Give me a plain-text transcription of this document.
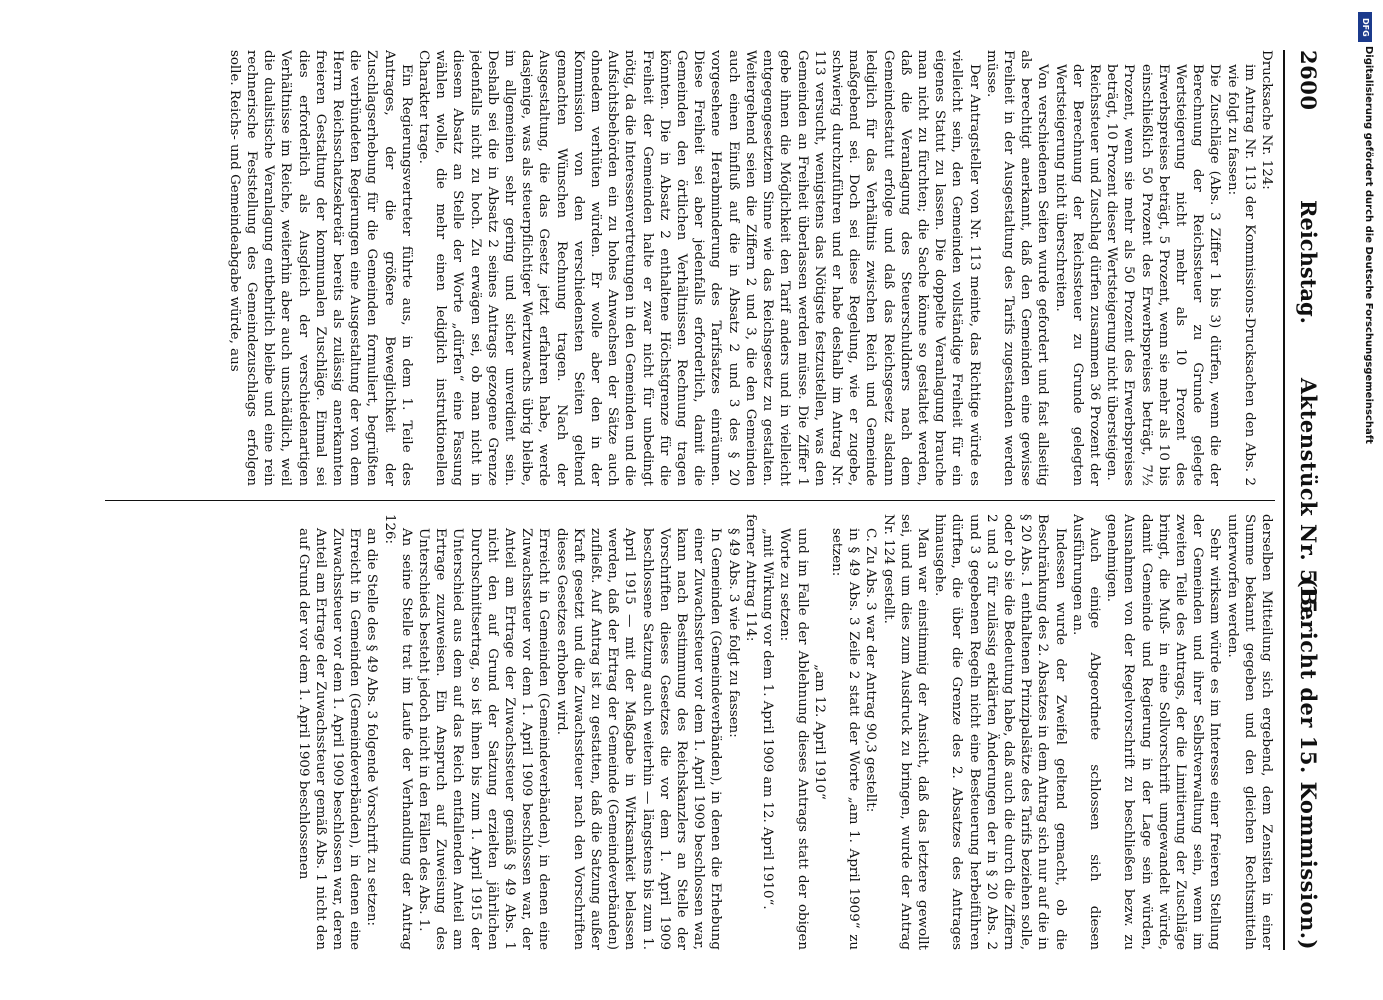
Aktenstück Nr. 515.
2600
(Bericht der 15. Kommission.)
Reichstag.

Drucksache Nr. 124:

im Antrag Nr. 113 der Kommissions-Drucksachen den Abs. 2 wie folgt zu fassen:

Die Zuschläge (Abs. 3 Ziffer 1 bis 3) dürfen, wenn die der Berechnung der Reichssteuer zu Grunde gelegte Wertsteigerung nicht mehr als 10 Prozent des Erwerbspreises beträgt, 5 Prozent, wenn sie mehr als 10 bis einschließlich 50 Prozent des Erwerbspreises beträgt, 7½ Prozent, wenn sie mehr als 50 Prozent des Erwerbspreises beträgt, 10 Prozent dieser Wertsteigerung nicht übersteigen.

Reichssteuer und Zuschlag dürfen zusammen 36 Prozent der der Berechnung der Reichssteuer zu Grunde gelegten Wertsteigerung nicht überschreiten.

Von verschiedenen Seiten wurde gefordert und fast allseitig als berechtigt anerkannt, daß den Gemeinden eine gewisse Freiheit in der Ausgestaltung des Tarifs zugestanden werden müsse.

Der Antragsteller von Nr. 113 meinte, das Richtige würde es vielleicht sein, den Gemeinden vollständige Freiheit für ein eigenes Statut zu lassen. Die doppelte Veranlagung brauche man nicht zu fürchten; die Sache könne so gestaltet werden, daß die Veranlagung des Steuerschuldners nach dem Gemeindestatut erfolge und daß das Reichsgesetz alsdann lediglich für das Verhältnis zwischen Reich und Gemeinde maßgebend sei. Doch sei diese Regelung, wie er zugebe, schwierig durchzuführen und er habe deshalb im Antrag Nr. 113 versucht, wenigstens das Nötigste festzustellen, was den Gemeinden an Freiheit überlassen werden müsse. Die Ziffer 1 gebe ihnen die Möglichkeit den Tarif anders und in vielleicht entgegengesetztem Sinne wie das Reichsgesetz zu gestalten. Weitergehend seien die Ziffern 2 und 3, die den Gemeinden auch einen Einfluß auf die in Absatz 2 und 3 des § 20 vorgesehene Herabminderung des Tarifsatzes einräumen. Diese Freiheit sei aber jedenfalls erforderlich, damit die Gemeinden den örtlichen Verhältnissen Rechnung tragen könnten. Die in Absatz 2 enthaltene Höchstgrenze für die Freiheit der Gemeinden halte er zwar nicht für unbedingt nötig, da die Interessenvertretungen in den Gemeinden und die Aufsichtsbehörden ein zu hohes Anwachsen der Sätze auch ohnedem verhüten würden. Er wolle aber den in der Kommission von den verschiedensten Seiten geltend gemachten Wünschen Rechnung tragen. Nach der Ausgestaltung, die das Gesetz jetzt erfahren habe, werde dasjenige, was als steuerpflichtiger Wertzuwachs übrig bleibe, im allgemeinen sehr gering und sicher unverdient sein. Deshalb sei die in Absatz 2 seines Antrags gezogene Grenze jedenfalls nicht zu hoch. Zu erwägen sei, ob man nicht in diesem Absatz an Stelle der Worte „dürfen“ eine Fassung wählen wolle, die mehr einen lediglich instruktionellen Charakter trage.

Ein Regierungsvertreter führte aus, in dem 1. Teile des Antrages, der die größere Beweglichkeit der Zuschlagserhebung für die Gemeinden formuliert, begrüßten die verbündeten Regierungen eine Ausgestaltung der von dem Herrn Reichsschatzsekretär bereits als zulässig anerkannten freieren Gestaltung der kommunalen Zuschläge. Einmal sei dies erforderlich als Ausgleich der verschiedenartigen Verhältnisse im Reiche, weiterhin aber auch unschädlich, weil die dualistische Veranlagung entbehrlich bleibe und eine rein rechnerische Feststellung des Gemeindezuschlags erfolgen solle. Reichs- und Gemeindeabgabe würde, aus

derselben Mitteilung sich ergebend, dem Zensiten in einer Summe bekannt gegeben und den gleichen Rechtsmitteln unterworfen werden.

Sehr wirksam würde es im Interesse einer freieren Stellung der Gemeinden und ihrer Selbstverwaltung sein, wenn im zweiten Teile des Antrags, der die Limitierung der Zuschläge bringt, die Muß- in eine Sollvorschrift umgewandelt würde, damit Gemeinde und Regierung in der Lage sein würden, Ausnahmen von der Regelvorschrift zu beschließen bezw. zu genehmigen.

Auch einige Abgeordnete schlossen sich diesen Ausführungen an.

Indessen wurde der Zweifel geltend gemacht, ob die Beschränkung des 2. Absatzes in dem Antrag sich nur auf die in § 20 Abs. 1 enthaltenen Prinzipalsätze des Tarifs beziehen solle, oder ob sie die Bedeutung habe, daß auch die durch die Ziffern 2 und 3 für zulässig erklärten Änderungen der in § 20 Abs. 2 und 3 gegebenen Regeln nicht eine Besteuerung herbeiführen dürften, die über die Grenze des 2. Absatzes des Antrages hinausgehe.

Man war einstimmig der Ansicht, daß das letztere gewollt sei, und um dies zum Ausdruck zu bringen, wurde der Antrag Nr. 124 gestellt.

C. Zu Abs. 3 war der Antrag 90,3 gestellt:

in § 49 Abs. 3 Zeile 2 statt der Worte „am 1. April 1909“ zu setzen:

„am 12. April 1910“

und im Falle der Ablehnung dieses Antrags statt der obigen Worte zu setzen:

„mit Wirkung vor dem 1. April 1909 am 12. April 1910“.

ferner Antrag 114:

§ 49 Abs. 3 wie folgt zu fassen:

In Gemeinden (Gemeindeverbänden), in denen die Erhebung einer Zuwachssteuer vor dem 1. April 1909 beschlossen war, kann nach Bestimmung des Reichskanzlers an Stelle der Vorschriften dieses Gesetzes die vor dem 1. April 1909 beschlossene Satzung auch weiterhin — längstens bis zum 1. April 1915 — mit der Maßgabe in Wirksamkeit belassen werden, daß der Ertrag der Gemeinde (Gemeindeverbänden) zufließt. Auf Antrag ist zu gestatten, daß die Satzung außer Kraft gesetzt und die Zuwachssteuer nach den Vorschriften dieses Gesetzes erhoben wird.

Erreicht in Gemeinden (Gemeindeverbänden), in denen eine Zuwachssteuer vor dem 1. April 1909 beschlossen war, der Anteil am Ertrage der Zuwachssteuer gemäß § 49 Abs. 1 nicht den auf Grund der Satzung erzielten jährlichen Durchschnittsertrag, so ist ihnen bis zum 1. April 1915 der Unterschied aus dem auf das Reich entfallenden Anteil am Ertrage zuzuweisen. Ein Anspruch auf Zuweisung des Unterschieds besteht jedoch nicht in den Fällen des Abs. 1.

An seine Stelle trat im Laufe der Verhandlung der Antrag 126:

an die Stelle des § 49 Abs. 3 folgende Vorschrift zu setzen:

Erreicht in Gemeinden (Gemeindeverbänden), in denen eine Zuwachssteuer vor dem 1. April 1909 beschlossen war, deren Anteil am Ertrage der Zuwachssteuer gemäß Abs. 1 nicht den auf Grund der vor dem 1. April 1909 beschlossenen

DFG
Digitalisierung gefördert durch die Deutsche Forschungsgemeinschaft
